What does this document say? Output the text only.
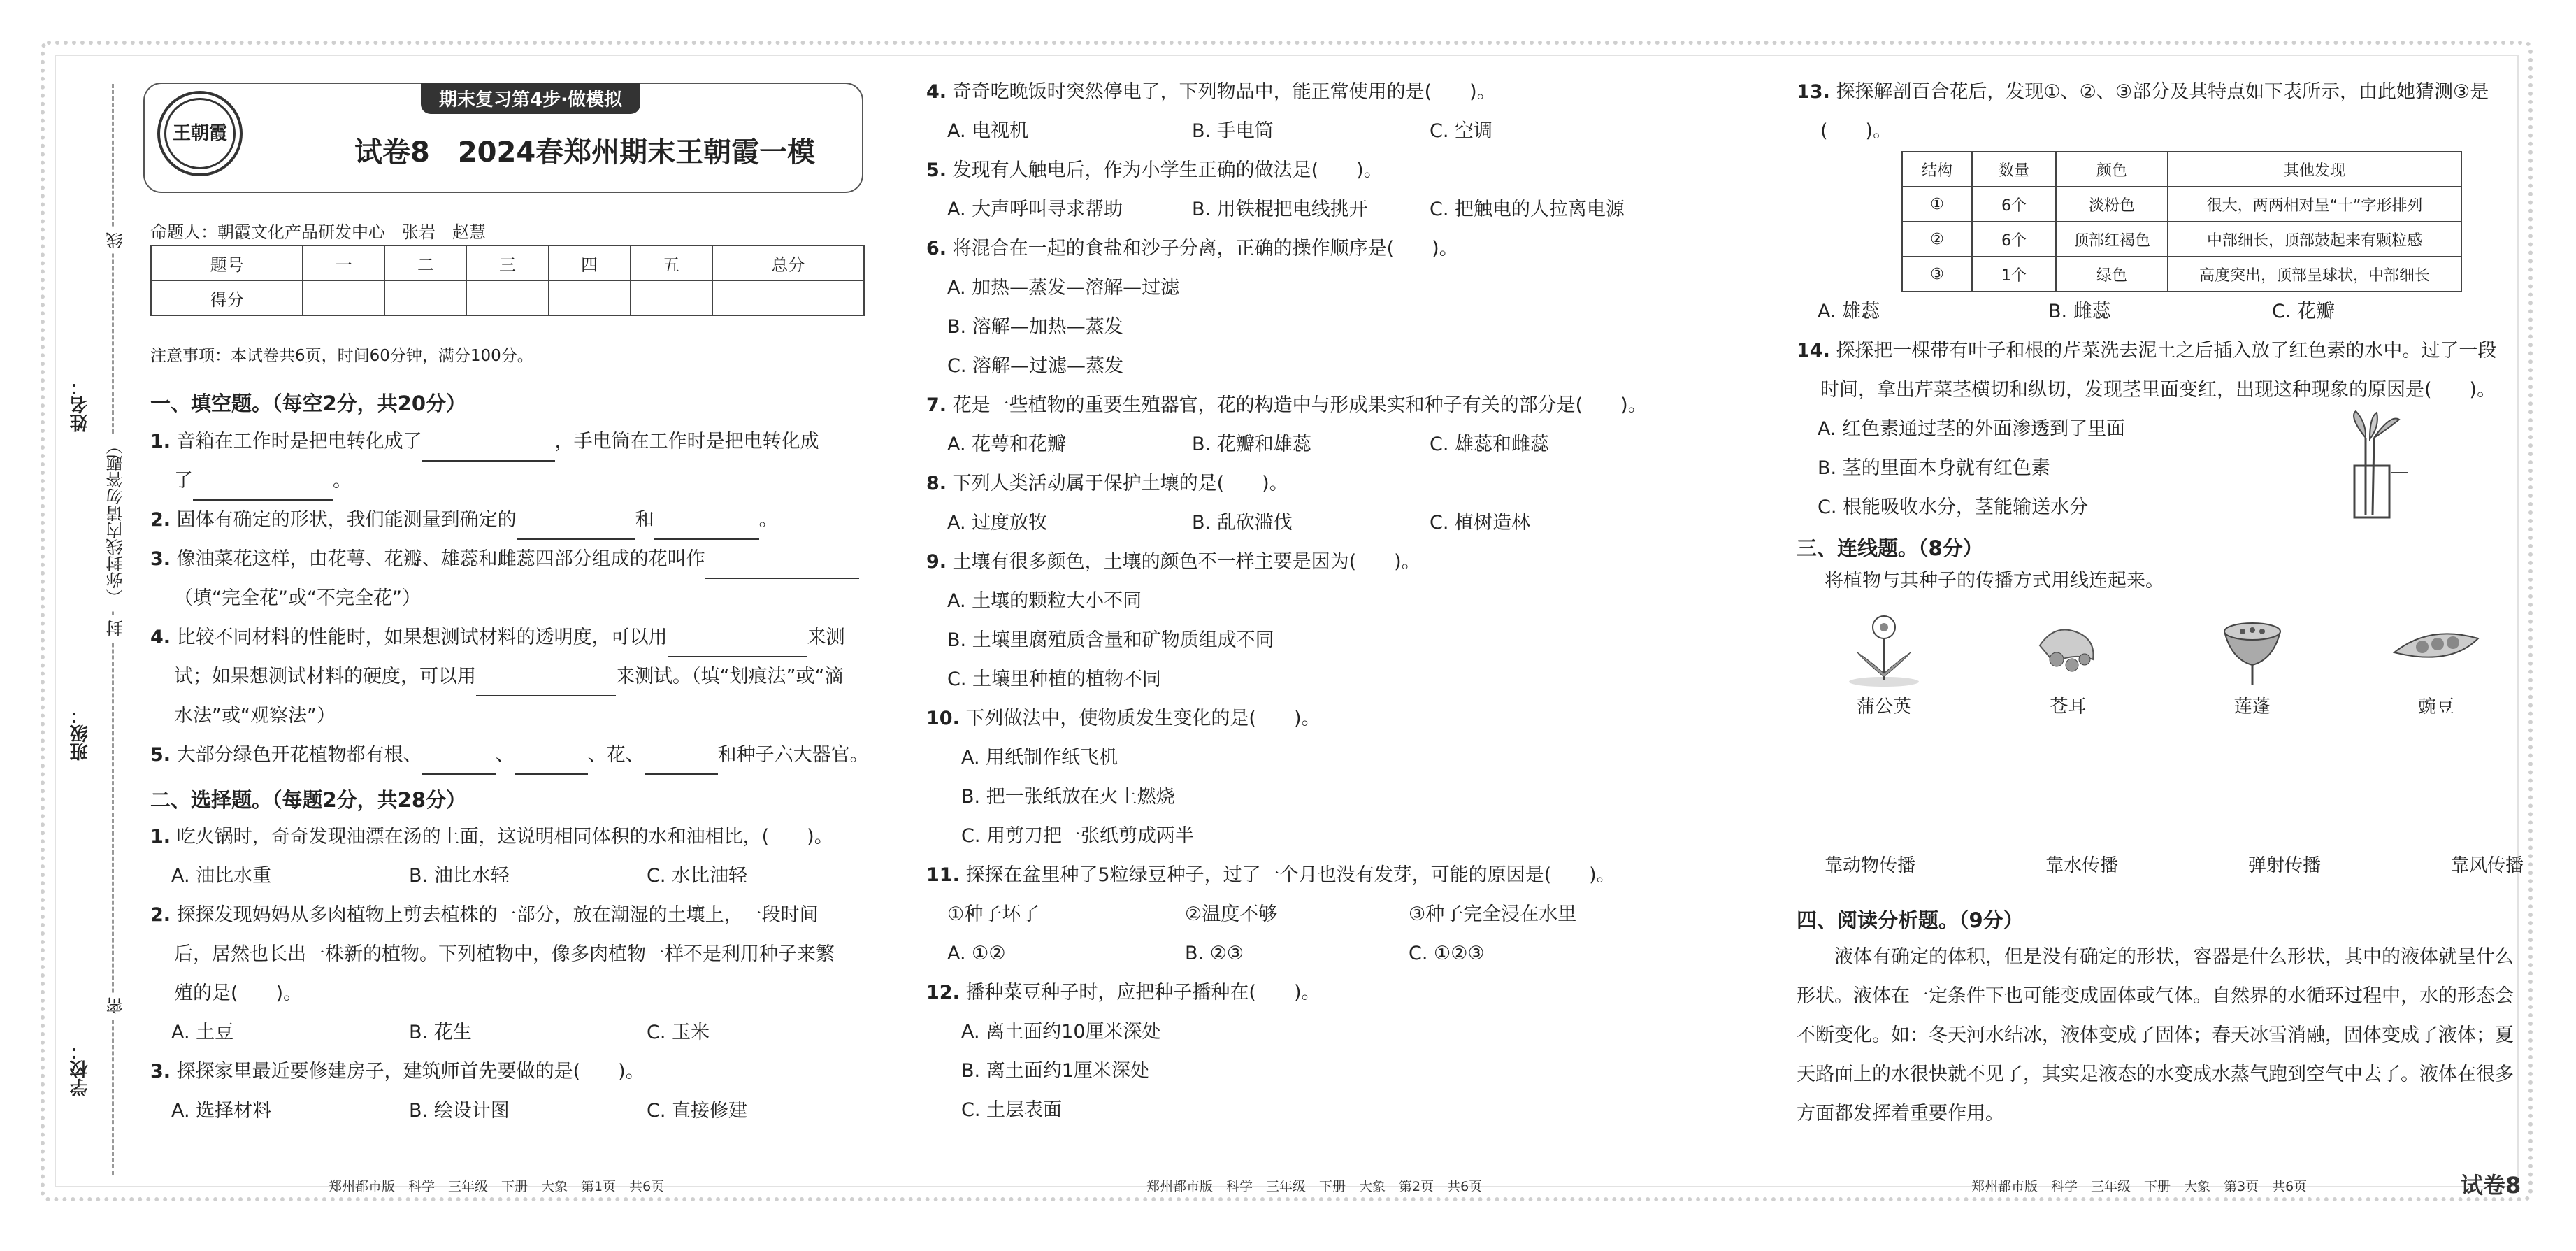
姓名：
班级：
学校：
线
（弥封线内请勿答题）
封
密
王朝霞
期末复习第4步·做模拟
试卷8　2024春郑州期末王朝霞一模
命题人：朝霞文化产品研发中心　张岩　赵慧
题号	一	二	三	四	五	总分
得分						
注意事项：本试卷共6页，时间60分钟，满分100分。

一、填空题。（每空2分，共20分）

1. 音箱在工作时是把电转化成了	，手电筒在工作时是把电转化成

了	。

2. 固体有确定的形状，我们能测量到确定的	和	。

3. 像油菜花这样，由花萼、花瓣、雄蕊和雌蕊四部分组成的花叫作

（填“完全花”或“不完全花”）

4. 比较不同材料的性能时，如果想测试材料的透明度，可以用	来测

试；如果想测试材料的硬度，可以用	来测试。（填“划痕法”或“滴

水法”或“观察法”）

5. 大部分绿色开花植物都有根、	、	、花、	和种子六大器官。

二、选择题。（每题2分，共28分）

1. 吃火锅时，奇奇发现油漂在汤的上面，这说明相同体积的水和油相比，(　　)。

A. 油比水重	B. 油比水轻	C. 水比油轻

2. 探探发现妈妈从多肉植物上剪去植株的一部分，放在潮湿的土壤上，一段时间

后，居然也长出一株新的植物。下列植物中，像多肉植物一样不是利用种子来繁

殖的是(　　)。

A. 土豆	B. 花生	C. 玉米

3. 探探家里最近要修建房子，建筑师首先要做的是(　　)。

A. 选择材料	B. 绘设计图	C. 直接修建

4. 奇奇吃晚饭时突然停电了，下列物品中，能正常使用的是(　　)。

A. 电视机	B. 手电筒	C. 空调

5. 发现有人触电后，作为小学生正确的做法是(　　)。

A. 大声呼叫寻求帮助	B. 用铁棍把电线挑开	C. 把触电的人拉离电源

6. 将混合在一起的食盐和沙子分离，正确的操作顺序是(　　)。

A. 加热—蒸发—溶解—过滤
B. 溶解—加热—蒸发
C. 溶解—过滤—蒸发

7. 花是一些植物的重要生殖器官，花的构造中与形成果实和种子有关的部分是(　　)。

A. 花萼和花瓣	B. 花瓣和雄蕊	C. 雄蕊和雌蕊

8. 下列人类活动属于保护土壤的是(　　)。

A. 过度放牧	B. 乱砍滥伐	C. 植树造林

9. 土壤有很多颜色，土壤的颜色不一样主要是因为(　　)。

A. 土壤的颗粒大小不同
B. 土壤里腐殖质含量和矿物质组成不同
C. 土壤里种植的植物不同

10. 下列做法中，使物质发生变化的是(　　)。

A. 用纸制作纸飞机
B. 把一张纸放在火上燃烧
C. 用剪刀把一张纸剪成两半

11. 探探在盆里种了5粒绿豆种子，过了一个月也没有发芽，可能的原因是(　　)。

①种子坏了	②温度不够	③种子完全浸在水里
A. ①②	B. ②③	C. ①②③

12. 播种菜豆种子时，应把种子播种在(　　)。

A. 离土面约10厘米深处
B. 离土面约1厘米深处
C. 土层表面

13. 探探解剖百合花后，发现①、②、③部分及其特点如下表所示，由此她猜测③是

(　　)。

结构	数量	颜色	其他发现
①	6个	淡粉色	很大，两两相对呈“十”字形排列
②	6个	顶部红褐色	中部细长，顶部鼓起来有颗粒感
③	1个	绿色	高度突出，顶部呈球状，中部细长
A. 雄蕊	B. 雌蕊	C. 花瓣

14. 探探把一棵带有叶子和根的芹菜洗去泥土之后插入放了红色素的水中。过了一段

时间，拿出芹菜茎横切和纵切，发现茎里面变红，出现这种现象的原因是(　　)。

A. 红色素通过茎的外面渗透到了里面
B. 茎的里面本身就有红色素
C. 根能吸收水分，茎能输送水分

三、连线题。（8分）

将植物与其种子的传播方式用线连起来。

蒲公英	苍耳	莲蓬	豌豆
靠动物传播	靠水传播	弹射传播	靠风传播

四、阅读分析题。（9分）

液体有确定的体积，但是没有确定的形状，容器是什么形状，其中的液体就呈什么形状。液体在一定条件下也可能变成固体或气体。自然界的水循环过程中，水的形态会不断变化。如：冬天河水结冰，液体变成了固体；春天冰雪消融，固体变成了液体；夏天路面上的水很快就不见了，其实是液态的水变成水蒸气跑到空气中去了。液体在很多方面都发挥着重要作用。

郑州都市版　科学　三年级　下册　大象　第1页　共6页	郑州都市版　科学　三年级　下册　大象　第2页　共6页	郑州都市版　科学　三年级　下册　大象　第3页　共6页	试卷8
